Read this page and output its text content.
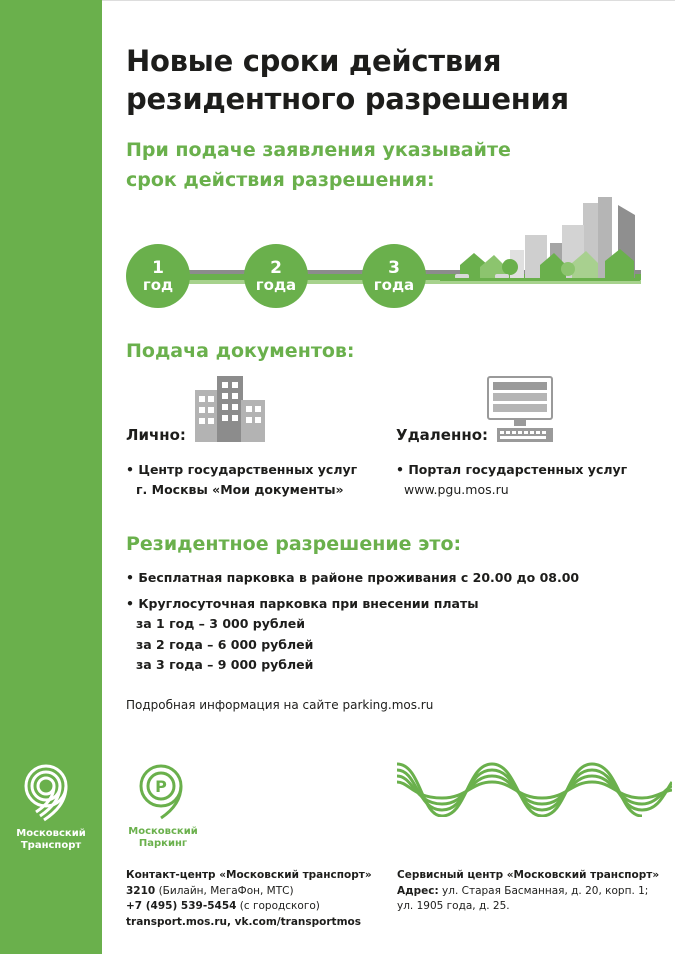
Новые сроки действия
резидентного разрешения
При подаче заявления указывайте
срок действия разрешения:
1
год
2
года
3
года
Подача документов:
Лично:	Удаленно:
• Центр государственных услуг
г. Москвы «Мои документы»
• Портал государстенных услуг
www.pgu.mos.ru
Резидентное разрешение это:
• Бесплатная парковка в районе проживания с 20.00 до 08.00
• Круглосуточная парковка при внесении платы
за 1 год – 3 000 рублей
за 2 года – 6 000 рублей
за 3 года – 9 000 рублей
Подробная информация на сайте parking.mos.ru
Московский
Транспорт
P
Московский
Паркинг
Контакт-центр «Московский транспорт»
3210 (Билайн, МегаФон, МТС)
+7 (495) 539-5454 (с городского)
transport.mos.ru, vk.com/transportmos
Сервисный центр «Московский транспорт»
Адрес: ул. Старая Басманная, д. 20, корп. 1;
ул. 1905 года, д. 25.
